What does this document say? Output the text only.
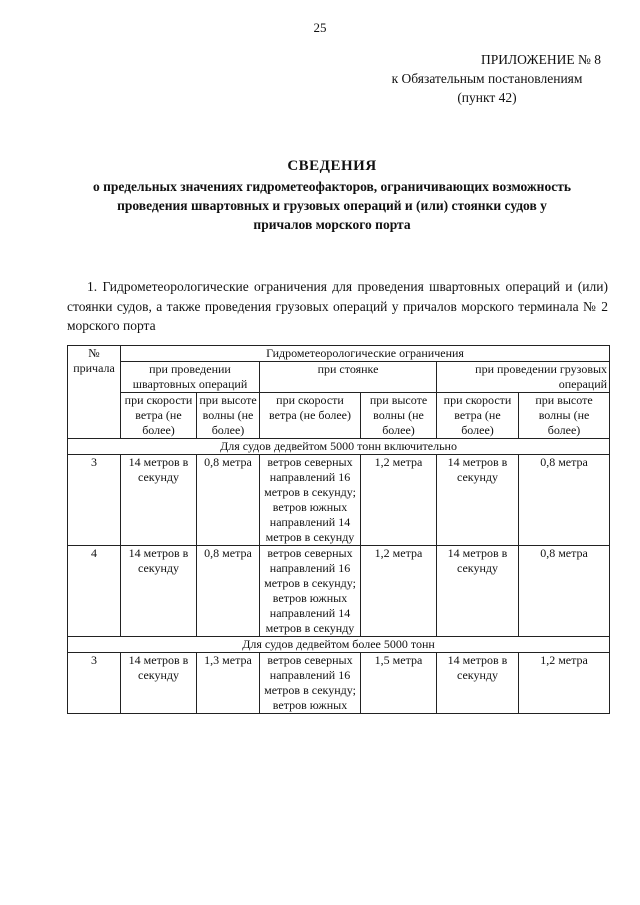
25
ПРИЛОЖЕНИЕ № 8
к Обязательным постановлениям
(пункт 42)
СВЕДЕНИЯ
о предельных значениях гидрометеофакторов, ограничивающих возможность
проведения швартовных и грузовых операций и (или) стоянки судов у
причалов морского порта

1. Гидрометеорологические ограничения для проведения швартовных операций и (или) стоянки судов, а также проведения грузовых операций у причалов морского терминала № 2 морского порта

№ причала	Гидрометеорологические ограничения					
	при проведении швартовных операций		при стоянке		при проведении грузовых операций	
	при скорости ветра (не более)	при высоте волны (не более)	при скорости ветра (не более)	при высоте волны (не более)	при скорости ветра (не более)	при высоте волны (не более)
Для судов дедвейтом 5000 тонн включительно						
3	14 метров в секунду	0,8 метра	ветров северных направлений 16 метров в секунду; ветров южных направлений 14 метров в секунду	1,2 метра	14 метров в секунду	0,8 метра
4	14 метров в секунду	0,8 метра	ветров северных направлений 16 метров в секунду; ветров южных направлений 14 метров в секунду	1,2 метра	14 метров в секунду	0,8 метра
Для судов дедвейтом более 5000 тонн						
3	14 метров в секунду	1,3 метра	ветров северных направлений 16 метров в секунду; ветров южных	1,5 метра	14 метров в секунду	1,2 метра
